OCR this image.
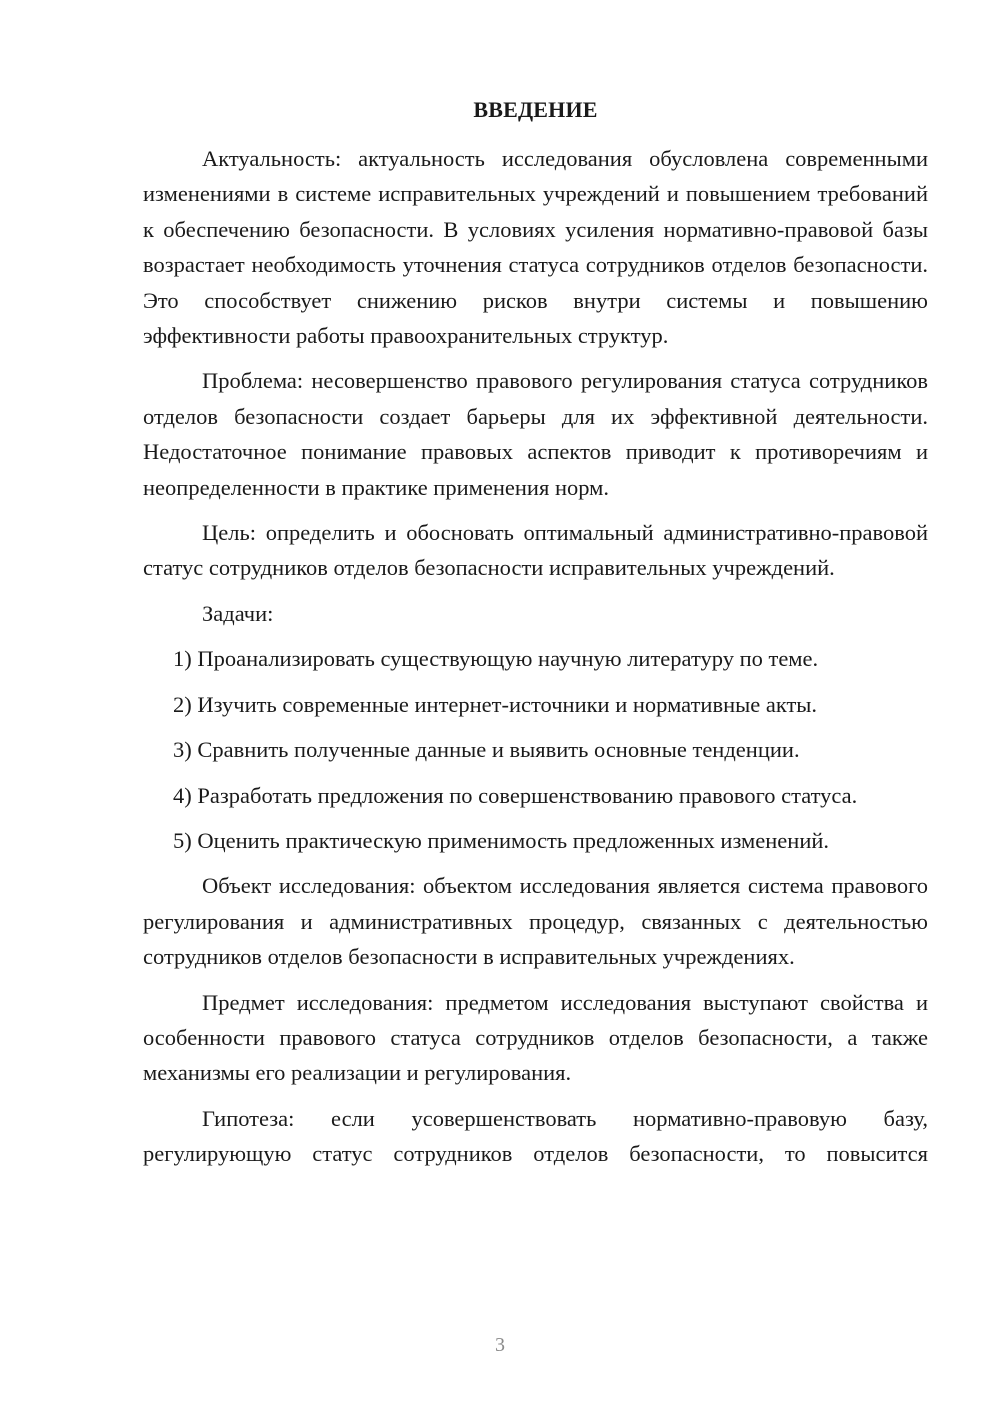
ВВЕДЕНИЕ

Актуальность: актуальность исследования обусловлена современными изменениями в системе исправительных учреждений и повышением требований к обеспечению безопасности. В условиях усиления нормативно-правовой базы возрастает необходимость уточнения статуса сотрудников отделов безопасности. Это способствует снижению рисков внутри системы и повышению эффективности работы правоохранительных структур.

Проблема: несовершенство правового регулирования статуса сотрудников отделов безопасности создает барьеры для их эффективной деятельности. Недостаточное понимание правовых аспектов приводит к противоречиям и неопределенности в практике применения норм.

Цель: определить и обосновать оптимальный административно-правовой статус сотрудников отделов безопасности исправительных учреждений.

Задачи:

1) Проанализировать существующую научную литературу по теме.

2) Изучить современные интернет-источники и нормативные акты.

3) Сравнить полученные данные и выявить основные тенденции.

4) Разработать предложения по совершенствованию правового статуса.

5) Оценить практическую применимость предложенных изменений.

Объект исследования: объектом исследования является система правового регулирования и административных процедур, связанных с деятельностью сотрудников отделов безопасности в исправительных учреждениях.

Предмет исследования: предметом исследования выступают свойства и особенности правового статуса сотрудников отделов безопасности, а также механизмы его реализации и регулирования.

Гипотеза: если усовершенствовать нормативно-правовую базу, регулирующую статус сотрудников отделов безопасности, то повысится

3
